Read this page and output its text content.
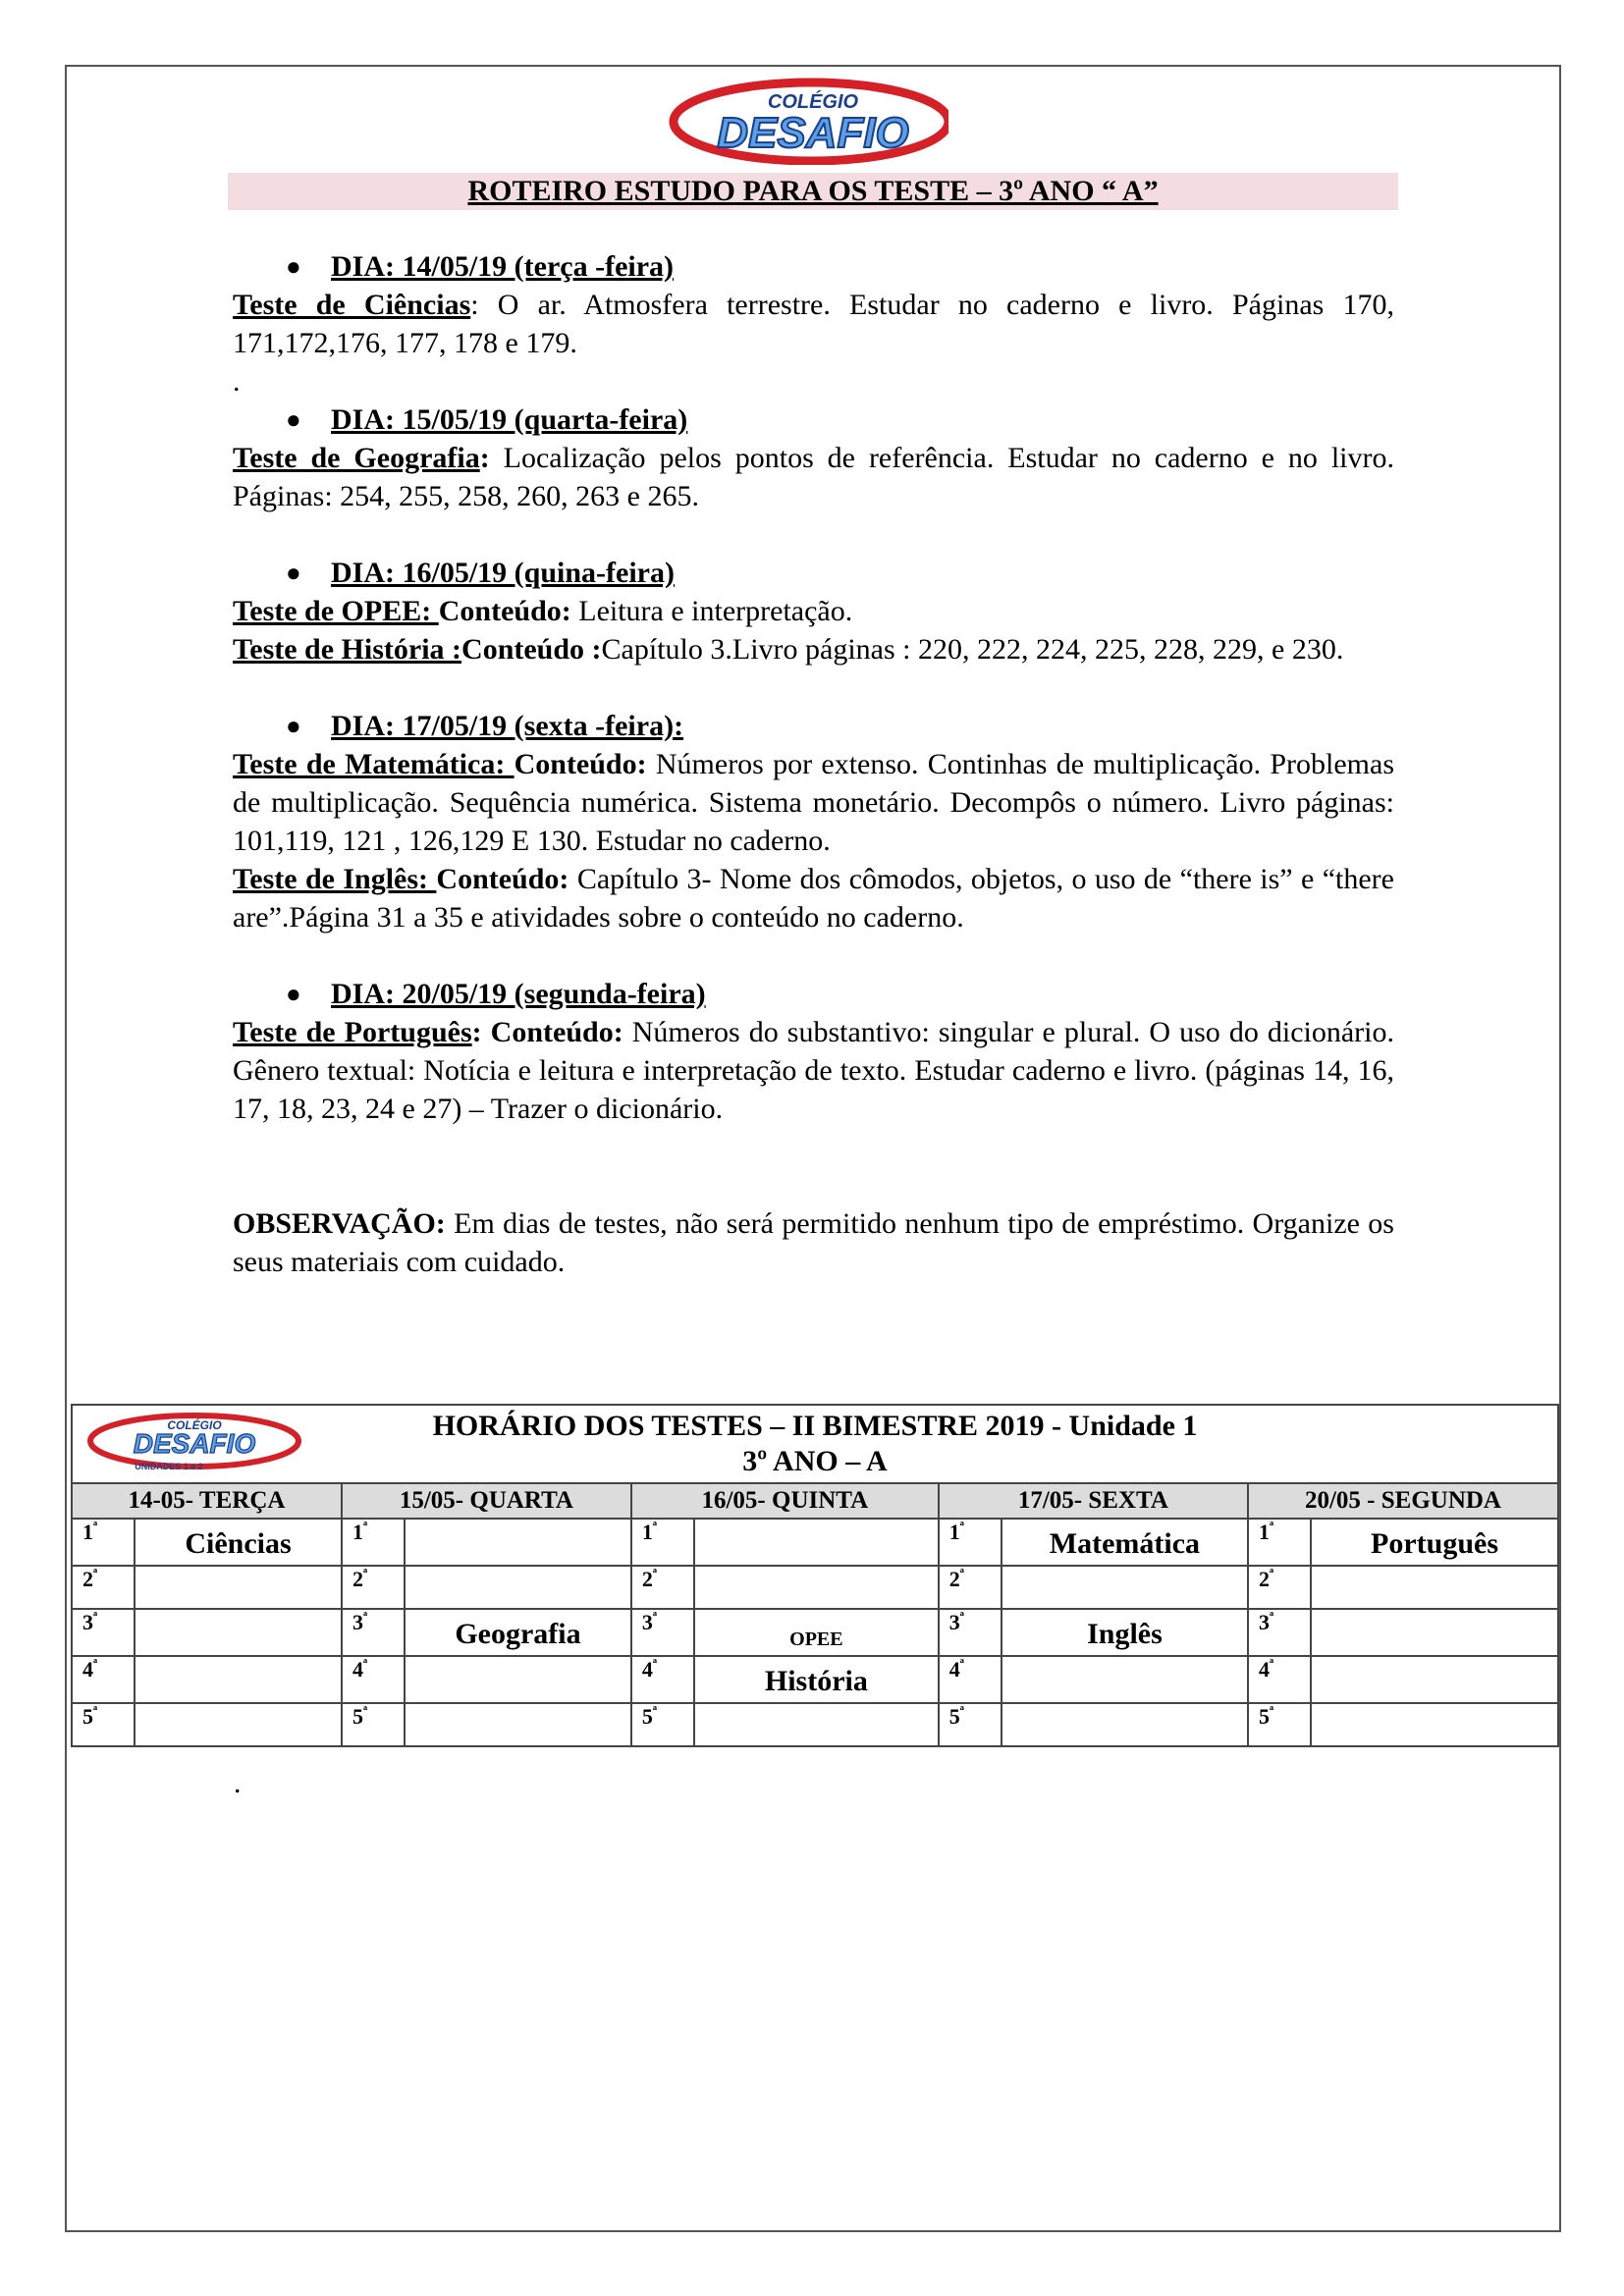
COLÉGIO
DESAFIO
ROTEIRO ESTUDO PARA OS TESTE – 3º ANO “ A”
● DIA: 14/05/19 (terça -feira)
Teste de Ciências: O ar. Atmosfera terrestre. Estudar no caderno e livro. Páginas 170, 171,172,176, 177, 178 e 179.
.
● DIA: 15/05/19 (quarta-feira)
Teste de Geografia: Localização pelos pontos de referência. Estudar no caderno e no livro. Páginas: 254, 255, 258, 260, 263 e 265.
● DIA: 16/05/19 (quina-feira)
Teste de OPEE: Conteúdo: Leitura e interpretação.
Teste de História :Conteúdo :Capítulo 3.Livro páginas : 220, 222, 224, 225, 228, 229, e 230.
● DIA: 17/05/19 (sexta -feira):
Teste de Matemática: Conteúdo: Números por extenso. Continhas de multiplicação. Problemas de multiplicação. Sequência numérica. Sistema monetário. Decompôs o número. Livro páginas: 101,119, 121 , 126,129 E 130. Estudar no caderno.
Teste de Inglês: Conteúdo: Capítulo 3- Nome dos cômodos, objetos, o uso de “there is” e “there are”.Página 31 a 35 e atividades sobre o conteúdo no caderno.
● DIA: 20/05/19 (segunda-feira)
Teste de Português: Conteúdo: Números do substantivo: singular e plural. O uso do dicionário. Gênero textual: Notícia e leitura e interpretação de texto. Estudar caderno e livro. (páginas 14, 16, 17, 18, 23, 24 e 27) – Trazer o dicionário.
OBSERVAÇÃO: Em dias de testes, não será permitido nenhum tipo de empréstimo. Organize os seus materiais com cuidado.
HORÁRIO DOS TESTES – II BIMESTRE 2019 - Unidade 1
3º ANO – A									

14-05- TERÇA		15/05- QUARTA		16/05- QUINTA		17/05- SEXTA		20/05 - SEGUNDA	
$1^ª$	Ciências	$1^ª$		$1^ª$		$1^ª$	Matemática	$1^ª$	Português
$2^ª$		$2^ª$		$2^ª$		$2^ª$		$2^ª$	
$3^ª$		$3^ª$	Geografia	$3^ª$	OPEE	$3^ª$	Inglês	$3^ª$	
$4^ª$		$4^ª$		$4^ª$	História	$4^ª$		$4^ª$	
$5^ª$		$5^ª$		$5^ª$		$5^ª$		$5^ª$	
COLÉGIO
DESAFIO
UNIDADES 1 e 2
.
